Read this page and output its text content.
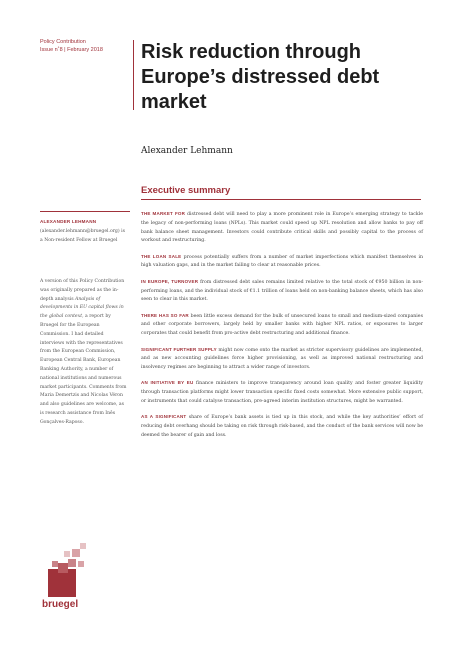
Policy Contribution
Issue n˚8 | February 2018	Risk reduction through Europe’s distressed debt market
Alexander Lehmann
Executive summary
ALEXANDER LEHMANN (alexander.lehmann@bruegel.org) is a Non-resident Fellow at Bruegel
A version of this Policy Contribution was originally prepared as the in-depth analysis Analysis of developments in EU capital flows in the global context, a report by Bruegel for the European Commission. I had detailed interviews with the representatives from the European Commission, European Central Bank, European Banking Authority, a number of national institutions and numerous market participants. Comments from Maria Demertzis and Nicolas Véron and also guidelines are welcome, as is research assistance from Inês Gonçalves-Raposo.

THE MARKET FOR distressed debt will need to play a more prominent role in Europe’s emerging strategy to tackle the legacy of non-performing loans (NPLs). This market could speed up NPL resolution and allow banks to pay off bank balance sheet management. Investors could contribute critical skills and possibly capital to the process of workout and restructuring.

THE LOAN SALE process potentially suffers from a number of market imperfections which manifest themselves in high valuation gaps, and in the market failing to clear at reasonable prices.

IN EUROPE, TURNOVER from distressed debt sales remains limited relative to the total stock of €950 billion in non-performing loans, and the individual stock of €1.1 trillion of loans held on non-banking balance sheets, which has also seen to clear in this market.

THERE HAS SO FAR been little excess demand for the bulk of unsecured loans to small and medium-sized companies and other corporate borrowers, largely held by smaller banks with higher NPL ratios, or exposures to larger corporates that could benefit from pro-active debt restructuring and additional finance.

SIGNIFICANT FURTHER SUPPLY might now come onto the market as stricter supervisory guidelines are implemented, and as new accounting guidelines force higher provisioning, as well as improved national restructuring and insolvency regimes are beginning to attract a wider range of investors.

AN INITIATIVE BY EU finance ministers to improve transparency around loan quality and foster greater liquidity through transaction platforms might lower transaction specific fixed costs somewhat. More extensive public support, or instruments that could catalyse transaction, pre-agreed interim institution structures, might be warranted.

AS A SIGNIFICANT share of Europe’s bank assets is tied up in this stock, and while the key authorities’ effort of reducing debt overhang should be taking on risk through risk-based, and the conduct of the bank services will now be deemed the bearer of gain and loss.

bruegel
